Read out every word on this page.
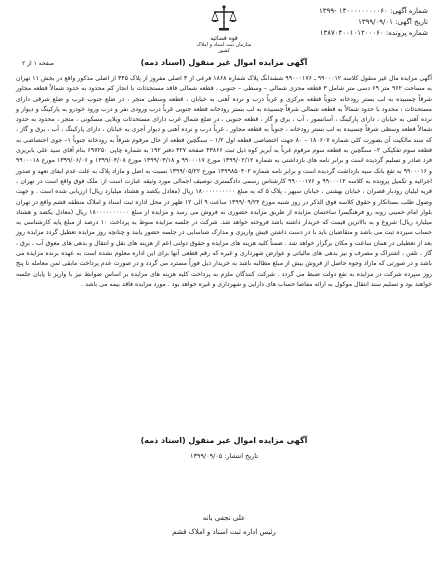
شماره آگهی: ۱۴۰۰۰۰۰۰۰۰۰۶۰ -۱۳۹۹
تاریخ آگهی: ۱۳۹۹/۰۹/۰۱
شماره پرونده: ۱۳۸۷۰۴۰۰۱۰۱۲۰۰۰۶۰
قوه قضائیه
سازمان ثبت اسناد و املاک کشور
صفحه ۱ از ۲	آگهی مزایده اموال غیر منقول (اسناد ذمه)
آگهی مزایده مال غیر منقول کلاسه ۹۹۰۰۰۱۲ ـ ۹۹۰۰۰۱۷۶ ششدانگ پلاک شماره ۱۸۶۸ فرعی از ۳ اصلی مفروز از پلاک ۳۴۵ از اصلی مذکور واقع در بخش ۱۱ تهران به مساحت ۹۶۲ متر ۶۹ دسی متر شامل ۳ قطعه مجزی شمالی – وسطی – جنوبی ، قطعه شمالی فاقد مستحدثات با انجار کم محدود به حدود شمالاً قطعه مجاور شرقاً چسبیده به لب بستر رودخانه جنوباً قطعه مرکزی و غرباً درب و نرده آهنی به خیابان ، قطعه وسطی متجر ، در ضلع جنوب غرب و ضلع شرقی دارای مستحدثات ، محدود با حدود شمالاً به قطعه شمالی شرقاً چسبیده به لب بستر رودخانه قطعه جنوبی غرباً درب ورودی نفر و درب ورود خودرو به پارکینگ و دیوار و نرده آهنی به خیابان ، دارای پارکینگ ، آسانسور ، آب ، برق و گاز ، قطعه جنوبی ، در ضلع شمال غرب دارای مستحدثات ویلایی مسکونی ، متجر ، محدود به حدود شمالاً قطعه وسطی شرقاً چسبیده به لب بستر رودخانه ، جنوباً به قطعه مجاور ، غرباً درب و نرده آهنی و دیوار آجری به خیابان ، دارای پارکینگ ، آب ، برق و گاز ، که سند مالکیت آن بصورت کلی شماره ۱۸۰۶۰۷ – ۸۰ جهت اختصاصی قطعه اول ۱/۲ – سنگچین قطعه از حال مرقوم شرقاً به رودخانه جنوباً ۱– جوی اختصاصی به قطعه سوم تفکیکی ۲– سنگچین به قطعه سوم مرقوم غرباً به آبریز کوه ذیل ثبت ۴۳۸۶۶ صفحه ۴۲۷ دفتر ۱۹۲ به شماره چاپی ۶۹۷۲۵۰ بنام آقای سید علی بابریزی فرد صادر و تسلیم گردیده است و برابر نامه های بازداشتی به شماره ۱۳۹۹/۰۲/۱۲ مورخ ۹۹۰۰۰۱۷ و ۱۳۹۹/۰۳/۱۸ مورخ ۱۳۹۹/۰۴/۰۸ و ۱۳۹۹/۰۶/۰۶ مورخ ۹۹۰۰۰۱۸ و ۹۹۰۰۰۱۶ به تفع بانک سپه بازداشت گردیده است و برابر نامه شماره ۱۳۹۹۸۵۰۴۰۲ مورخ ۱۳۹۹/۰۵/۲۲ نسبت به اصل و مازاد پلاک به علت عدم ایفای تعهد و صدور اجرائیه و تکمیل پرونده به کلاسه ۹۹۰۰۰۱۲ و ۹۹۰۰۰۱۷۶ کارشناس رسمی دادگستری توصیف اجمالی مورد وثیقه عبارت است از: ملک فوق واقع است در تهران ، قریه لیلیان رودبار قصران ، خیابان بهشتی ، خیابان سپهر ، پلاک ۵ که به مبلغ ۱۸۰۰۰۰۰۰۰۰۰۰ ریال (معادل یکصد و هشتاد میلیارد ریال) ارزیابی شده است . و جهت وصول طلب بستانکار و حقوق کلاسه فوق الذکر در روز شنبه مورخ ۱۳۹۹/۰۹/۲۴ ساعت ۹ الی ۱۲ ظهر در محل اداره ثبت اسناد و املاک منطقه قشم واقع در تهران بلوار امام خمینی روبه رو فرهنگسرا ساختمان مزایده از طریق مزایده حضوری به فروش می رسد و مزایده از مبلغ ۱۸۰۰۰۰۰۰۰۰۰۰ ریال (معادل یکصد و هشتاد میلیارد ریال) شروع و به بالاترین قیمت که خریدار داشته باشد فروخته خواهد شد. شرکت در جلسه مزایده منوط به پرداخت ۱۰ درصد از مبلغ پایه کارشناسی به حساب سپرده ثبت می باشد و متقاضیان باید با در دست داشتن فیش واریزی و مدارک شناسایی در جلسه حضور یابند و چنانچه روز مزایده تعطیل گردد مزایده روز بعد از تعطیلی در همان ساعت و مکان برگزار خواهد شد . ضمناً کلیه هزینه های مزایده و حقوق دولتی اعم از هزینه های نقل و انتقال و بدهی های معوق آب ، برق ، گاز ، تلفن ، اشتراک و مصرف و نیز بدهی های مالیاتی و عوارض شهرداری و غیره که رقم قطعی آنها برای این اداره معلوم نشده است به عهده برنده مزایده می باشد و در صورتی که مازاد وجوه حاصل از فروش بیش از مبلغ مطالبه باشد به خریدار ذیل فوراً مسترد می گردد و در صورت عدم پرداخت مابقی ثمن معامله تا پنج روز سپرده شرکت در مزایده به نفع دولت ضبط می گردد . شرکت کنندگان ملزم به پرداخت کلیه هزینه های مزایده بر اساس ضوابط نیز با واریز تا پایان جلسه خواهند بود و تسلیم سند انتقال موکول به ارائه مفاصا حساب های دارایی و شهرداری و غیره خواهد بود . مورد مزایده فاقد بیمه می باشد .
آگهی مزایده اموال غیر منقول (اسناد ذمه)
تاریخ انتشار: ۱۳۹۹/۰۹/۰۵
علی نجفی بانه
رئیس اداره ثبت اسناد و املاک قشم
